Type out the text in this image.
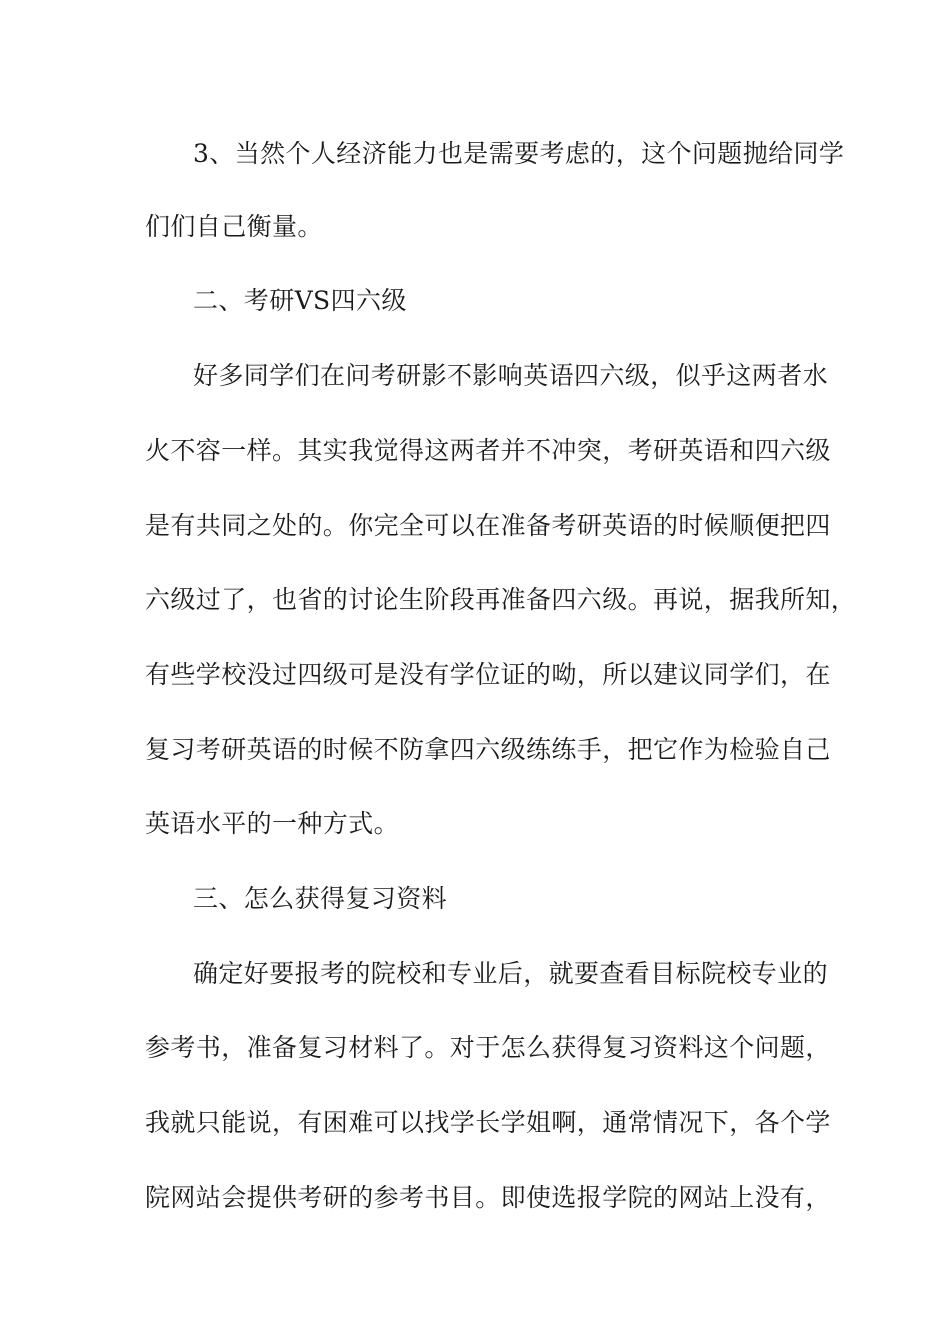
3、当然个人经济能力也是需要考虑的，这个问题抛给同学
们们自己衡量。
二、考研VS四六级
好多同学们在问考研影不影响英语四六级，似乎这两者水
火不容一样。其实我觉得这两者并不冲突，考研英语和四六级
是有共同之处的。你完全可以在准备考研英语的时候顺便把四
六级过了，也省的讨论生阶段再准备四六级。再说，据我所知，
有些学校没过四级可是没有学位证的呦，所以建议同学们，在
复习考研英语的时候不防拿四六级练练手，把它作为检验自己
英语水平的一种方式。
三、怎么获得复习资料
确定好要报考的院校和专业后，就要查看目标院校专业的
参考书，准备复习材料了。对于怎么获得复习资料这个问题，
我就只能说，有困难可以找学长学姐啊，通常情况下，各个学
院网站会提供考研的参考书目。即使选报学院的网站上没有，
